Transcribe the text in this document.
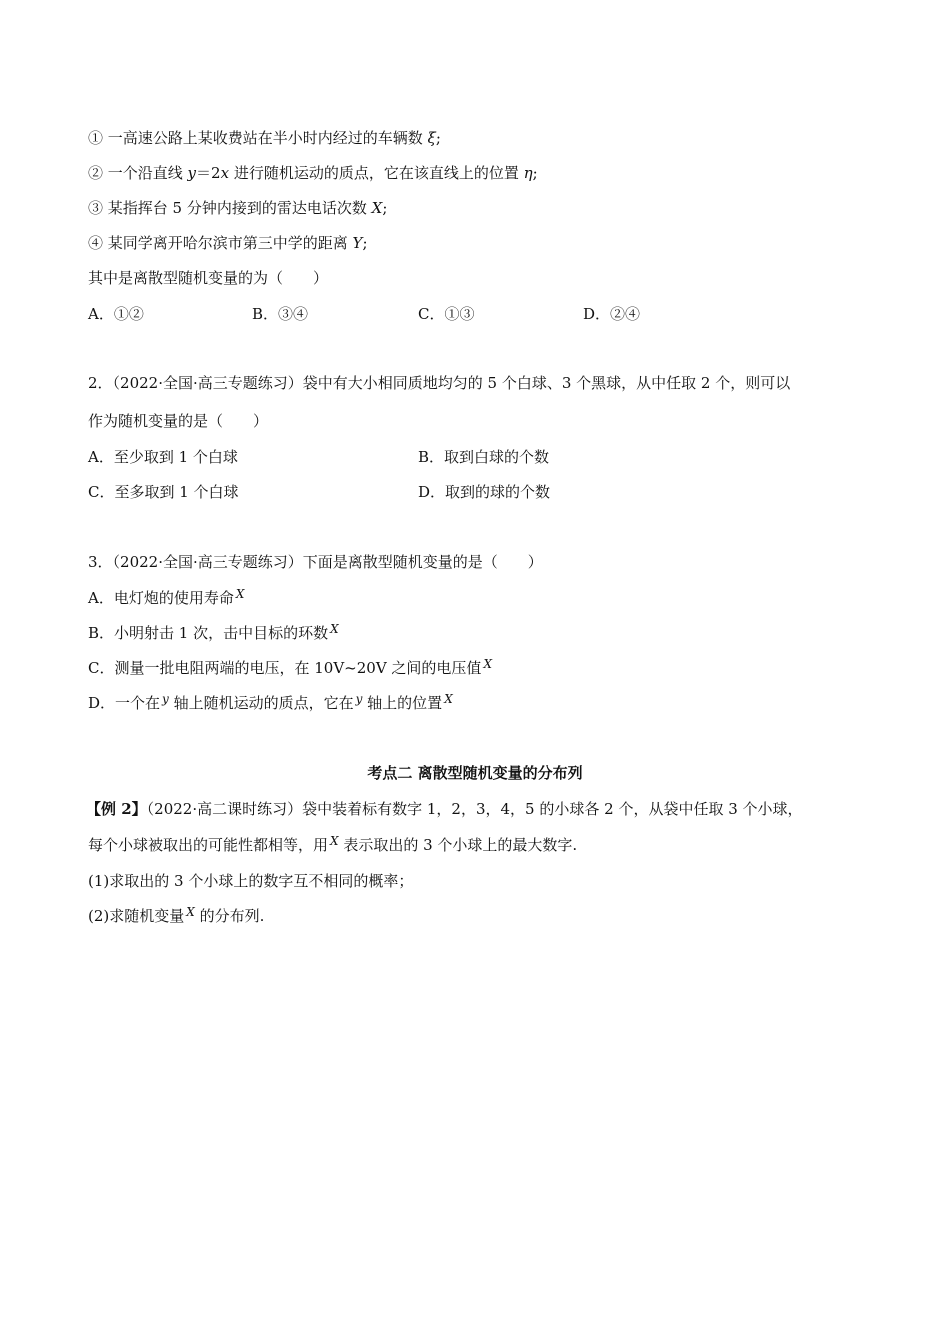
① 一高速公路上某收费站在半小时内经过的车辆数 ξ;
② 一个沿直线 y＝2x 进行随机运动的质点，它在该直线上的位置 η;
③ 某指挥台 5 分钟内接到的雷达电话次数 X;
④ 某同学离开哈尔滨市第三中学的距离 Y;
其中是离散型随机变量的为（　　）
A．①②	B．③④	C．①③	D．②④
2．（2022·全国·高三专题练习）袋中有大小相同质地均匀的 5 个白球、3 个黑球，从中任取 2 个，则可以
作为随机变量的是（　　）
A．至少取到 1 个白球	B．取到白球的个数
C．至多取到 1 个白球	D．取到的球的个数
3．（2022·全国·高三专题练习）下面是离散型随机变量的是（　　）
A．电灯炮的使用寿命 $^X$
B．小明射击 1 次，击中目标的环数 $^X$
C．测量一批电阻两端的电压，在 10V~20V 之间的电压值 $^X$
D．一个在 $^y$ 轴上随机运动的质点，它在 $^y$ 轴上的位置 $^X$
考点二 离散型随机变量的分布列
【例 2】（2022·高二课时练习）袋中装着标有数字 1，2，3，4，5 的小球各 2 个，从袋中任取 3 个小球，
每个小球被取出的可能性都相等，用 $^X$ 表示取出的 3 个小球上的最大数字.
(1)求取出的 3 个小球上的数字互不相同的概率；
(2)求随机变量 $^X$ 的分布列.
